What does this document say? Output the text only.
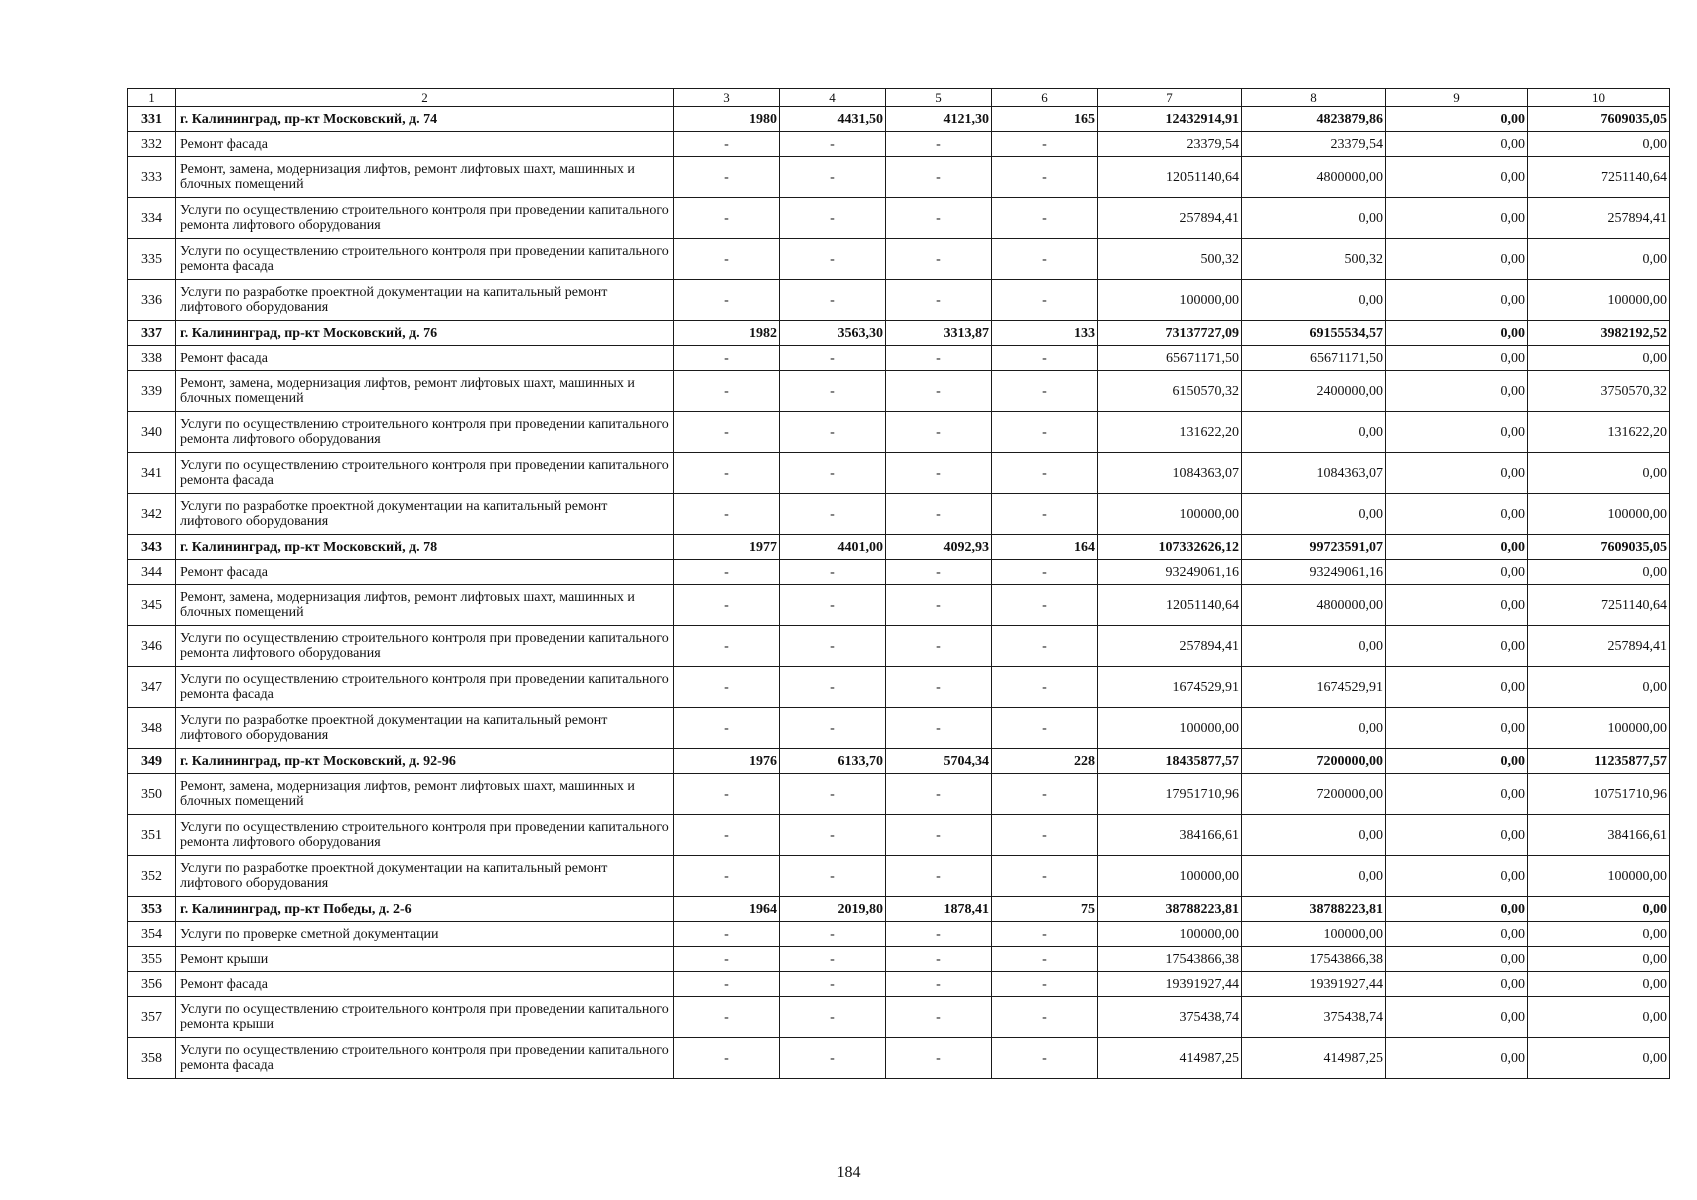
1	2	3	4	5	6	7	8	9	10
331	г. Калининград, пр-кт Московский, д. 74	1980	4431,50	4121,30	165	12432914,91	4823879,86	0,00	7609035,05
332	Ремонт фасада	-	-	-	-	23379,54	23379,54	0,00	0,00
333	Ремонт, замена, модернизация лифтов, ремонт лифтовых шахт, машинных и блочных помещений	-	-	-	-	12051140,64	4800000,00	0,00	7251140,64
334	Услуги по осуществлению строительного контроля при проведении капитального ремонта лифтового оборудования	-	-	-	-	257894,41	0,00	0,00	257894,41
335	Услуги по осуществлению строительного контроля при проведении капитального ремонта фасада	-	-	-	-	500,32	500,32	0,00	0,00
336	Услуги по разработке проектной документации на капитальный ремонт лифтового оборудования	-	-	-	-	100000,00	0,00	0,00	100000,00
337	г. Калининград, пр-кт Московский, д. 76	1982	3563,30	3313,87	133	73137727,09	69155534,57	0,00	3982192,52
338	Ремонт фасада	-	-	-	-	65671171,50	65671171,50	0,00	0,00
339	Ремонт, замена, модернизация лифтов, ремонт лифтовых шахт, машинных и блочных помещений	-	-	-	-	6150570,32	2400000,00	0,00	3750570,32
340	Услуги по осуществлению строительного контроля при проведении капитального ремонта лифтового оборудования	-	-	-	-	131622,20	0,00	0,00	131622,20
341	Услуги по осуществлению строительного контроля при проведении капитального ремонта фасада	-	-	-	-	1084363,07	1084363,07	0,00	0,00
342	Услуги по разработке проектной документации на капитальный ремонт лифтового оборудования	-	-	-	-	100000,00	0,00	0,00	100000,00
343	г. Калининград, пр-кт Московский, д. 78	1977	4401,00	4092,93	164	107332626,12	99723591,07	0,00	7609035,05
344	Ремонт фасада	-	-	-	-	93249061,16	93249061,16	0,00	0,00
345	Ремонт, замена, модернизация лифтов, ремонт лифтовых шахт, машинных и блочных помещений	-	-	-	-	12051140,64	4800000,00	0,00	7251140,64
346	Услуги по осуществлению строительного контроля при проведении капитального ремонта лифтового оборудования	-	-	-	-	257894,41	0,00	0,00	257894,41
347	Услуги по осуществлению строительного контроля при проведении капитального ремонта фасада	-	-	-	-	1674529,91	1674529,91	0,00	0,00
348	Услуги по разработке проектной документации на капитальный ремонт лифтового оборудования	-	-	-	-	100000,00	0,00	0,00	100000,00
349	г. Калининград, пр-кт Московский, д. 92-96	1976	6133,70	5704,34	228	18435877,57	7200000,00	0,00	11235877,57
350	Ремонт, замена, модернизация лифтов, ремонт лифтовых шахт, машинных и блочных помещений	-	-	-	-	17951710,96	7200000,00	0,00	10751710,96
351	Услуги по осуществлению строительного контроля при проведении капитального ремонта лифтового оборудования	-	-	-	-	384166,61	0,00	0,00	384166,61
352	Услуги по разработке проектной документации на капитальный ремонт лифтового оборудования	-	-	-	-	100000,00	0,00	0,00	100000,00
353	г. Калининград, пр-кт Победы, д. 2-6	1964	2019,80	1878,41	75	38788223,81	38788223,81	0,00	0,00
354	Услуги по проверке сметной документации	-	-	-	-	100000,00	100000,00	0,00	0,00
355	Ремонт крыши	-	-	-	-	17543866,38	17543866,38	0,00	0,00
356	Ремонт фасада	-	-	-	-	19391927,44	19391927,44	0,00	0,00
357	Услуги по осуществлению строительного контроля при проведении капитального ремонта крыши	-	-	-	-	375438,74	375438,74	0,00	0,00
358	Услуги по осуществлению строительного контроля при проведении капитального ремонта фасада	-	-	-	-	414987,25	414987,25	0,00	0,00
184
